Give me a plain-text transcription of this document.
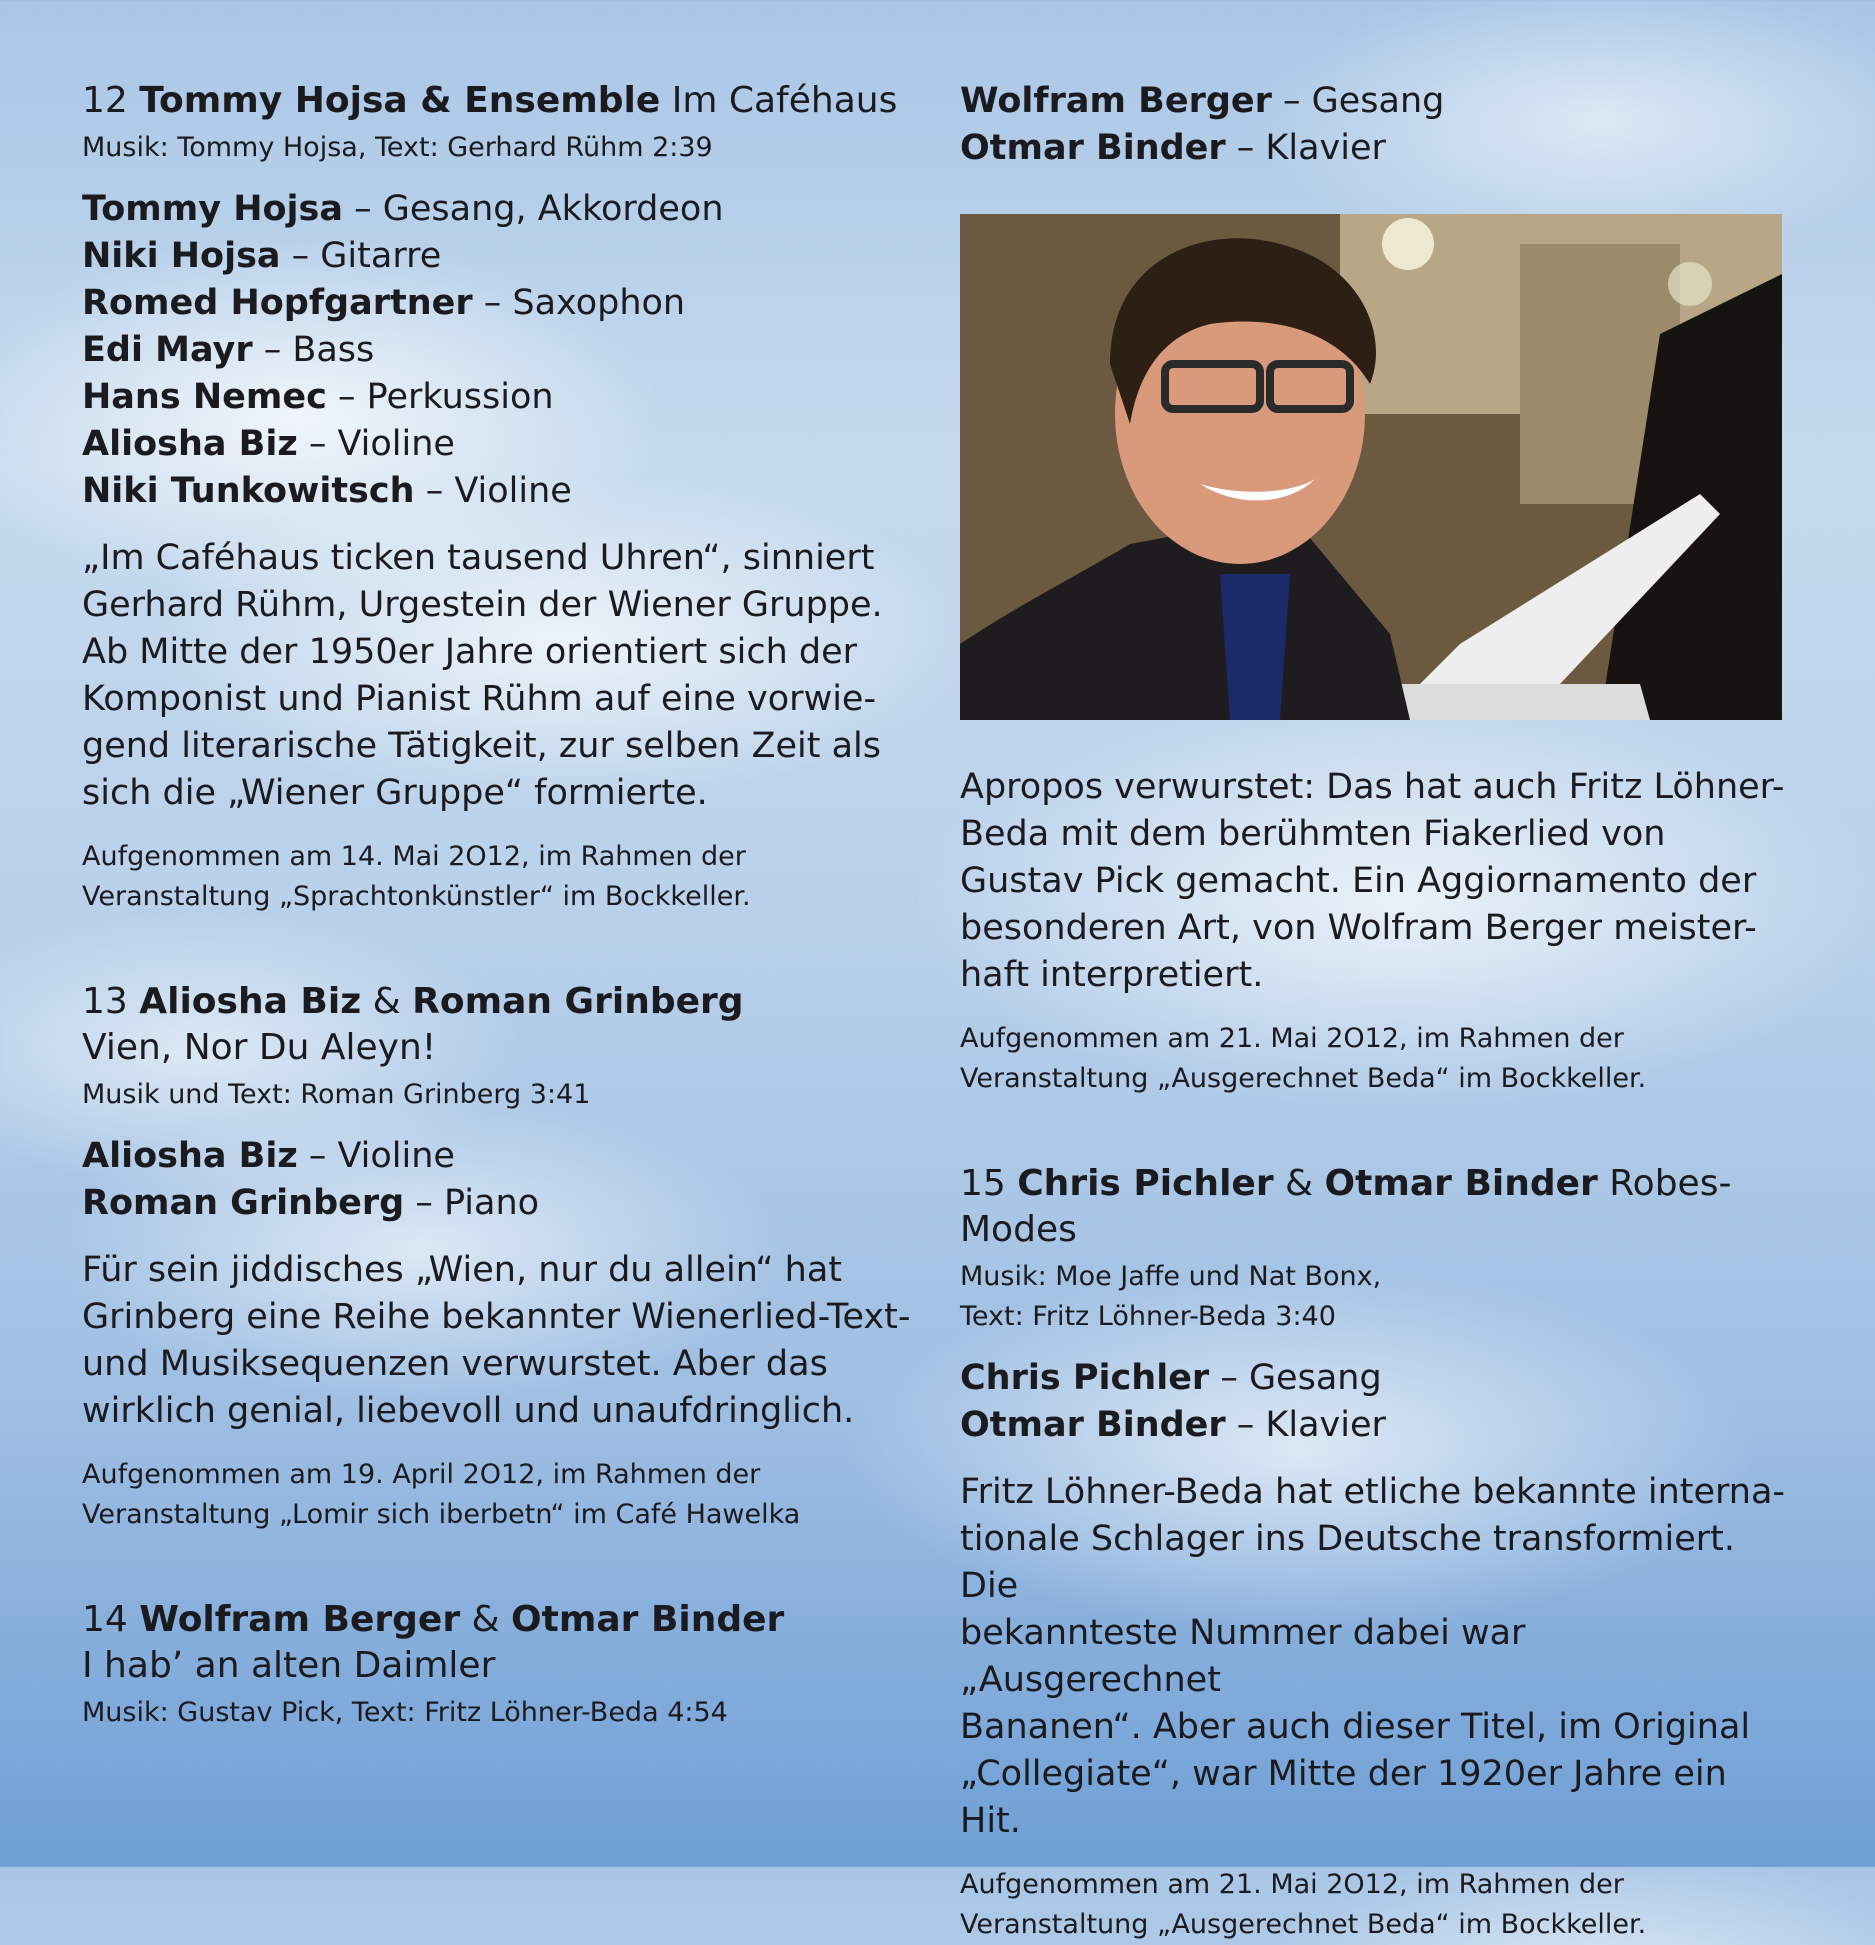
12 Tommy Hojsa & Ensemble Im Caféhaus
Musik: Tommy Hojsa, Text: Gerhard Rühm 2:39
Tommy Hojsa – Gesang, Akkordeon
Niki Hojsa – Gitarre
Romed Hopfgartner – Saxophon
Edi Mayr – Bass
Hans Nemec – Perkussion
Aliosha Biz – Violine
Niki Tunkowitsch – Violine
„Im Caféhaus ticken tausend Uhren“, sinniert
Gerhard Rühm, Urgestein der Wiener Gruppe.
Ab Mitte der 1950er Jahre orientiert sich der
Komponist und Pianist Rühm auf eine vorwie-
gend literarische Tätigkeit, zur selben Zeit als
sich die „Wiener Gruppe“ formierte.
Aufgenommen am 14. Mai 2O12, im Rahmen der
Veranstaltung „Sprachtonkünstler“ im Bockkeller.
13 Aliosha Biz & Roman Grinberg
Vien, Nor Du Aleyn!
Musik und Text: Roman Grinberg 3:41
Aliosha Biz – Violine
Roman Grinberg – Piano
Für sein jiddisches „Wien, nur du allein“ hat
Grinberg eine Reihe bekannter Wienerlied-Text-
und Musiksequenzen verwurstet. Aber das
wirklich genial, liebevoll und unaufdringlich.
Aufgenommen am 19. April 2O12, im Rahmen der
Veranstaltung „Lomir sich iberbetn“ im Café Hawelka
14 Wolfram Berger & Otmar Binder
I hab’ an alten Daimler
Musik: Gustav Pick, Text: Fritz Löhner-Beda 4:54
Wolfram Berger – Gesang
Otmar Binder – Klavier
Apropos verwurstet: Das hat auch Fritz Löhner-
Beda mit dem berühmten Fiakerlied von
Gustav Pick gemacht. Ein Aggiornamento der
besonderen Art, von Wolfram Berger meister-
haft interpretiert.
Aufgenommen am 21. Mai 2O12, im Rahmen der
Veranstaltung „Ausgerechnet Beda“ im Bockkeller.
15 Chris Pichler & Otmar Binder Robes-Modes
Musik: Moe Jaffe und Nat Bonx,
Text: Fritz Löhner-Beda 3:40
Chris Pichler – Gesang
Otmar Binder – Klavier
Fritz Löhner-Beda hat etliche bekannte interna-
tionale Schlager ins Deutsche transformiert. Die
bekannteste Nummer dabei war „Ausgerechnet
Bananen“. Aber auch dieser Titel, im Original
„Collegiate“, war Mitte der 1920er Jahre ein Hit.
Aufgenommen am 21. Mai 2O12, im Rahmen der
Veranstaltung „Ausgerechnet Beda“ im Bockkeller.
